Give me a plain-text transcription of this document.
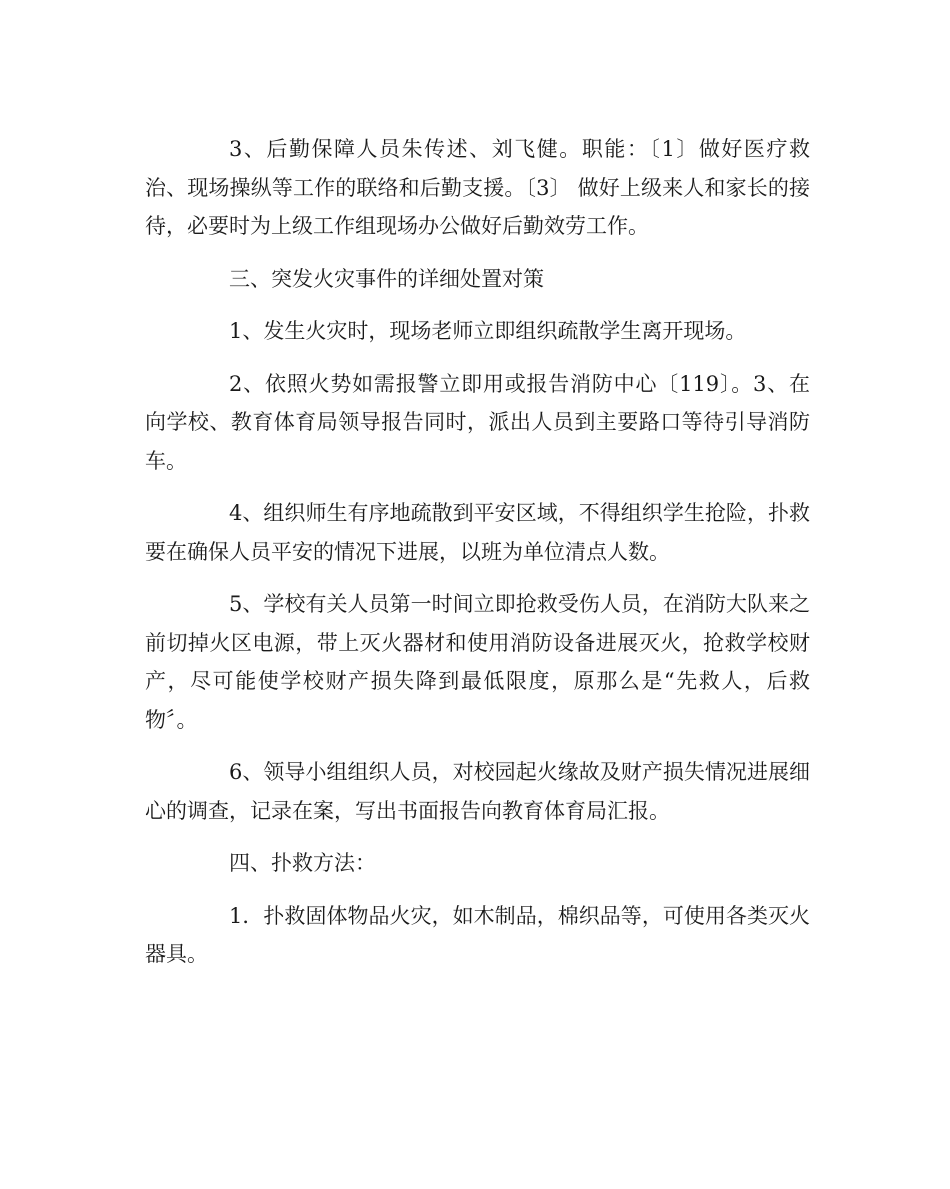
3、后勤保障人员朱传述、刘飞健。职能：〔1〕做好医疗救治、现场操纵等工作的联络和后勤支援。〔3〕 做好上级来人和家长的接待，必要时为上级工作组现场办公做好后勤效劳工作。

三、突发火灾事件的详细处置对策

1、发生火灾时，现场老师立即组织疏散学生离开现场。

2、依照火势如需报警立即用或报告消防中心〔119〕。3、在向学校、教育体育局领导报告同时，派出人员到主要路口等待引导消防车。

4、组织师生有序地疏散到平安区域，不得组织学生抢险，扑救要在确保人员平安的情况下进展，以班为单位清点人数。

5、学校有关人员第一时间立即抢救受伤人员，在消防大队来之前切掉火区电源，带上灭火器材和使用消防设备进展灭火，抢救学校财产，尽可能使学校财产损失降到最低限度，原那么是“先救人，后救物〞。

6、领导小组组织人员，对校园起火缘故及财产损失情况进展细心的调查，记录在案，写出书面报告向教育体育局汇报。

四、扑救方法：

1．扑救固体物品火灾，如木制品，棉织品等，可使用各类灭火器具。
